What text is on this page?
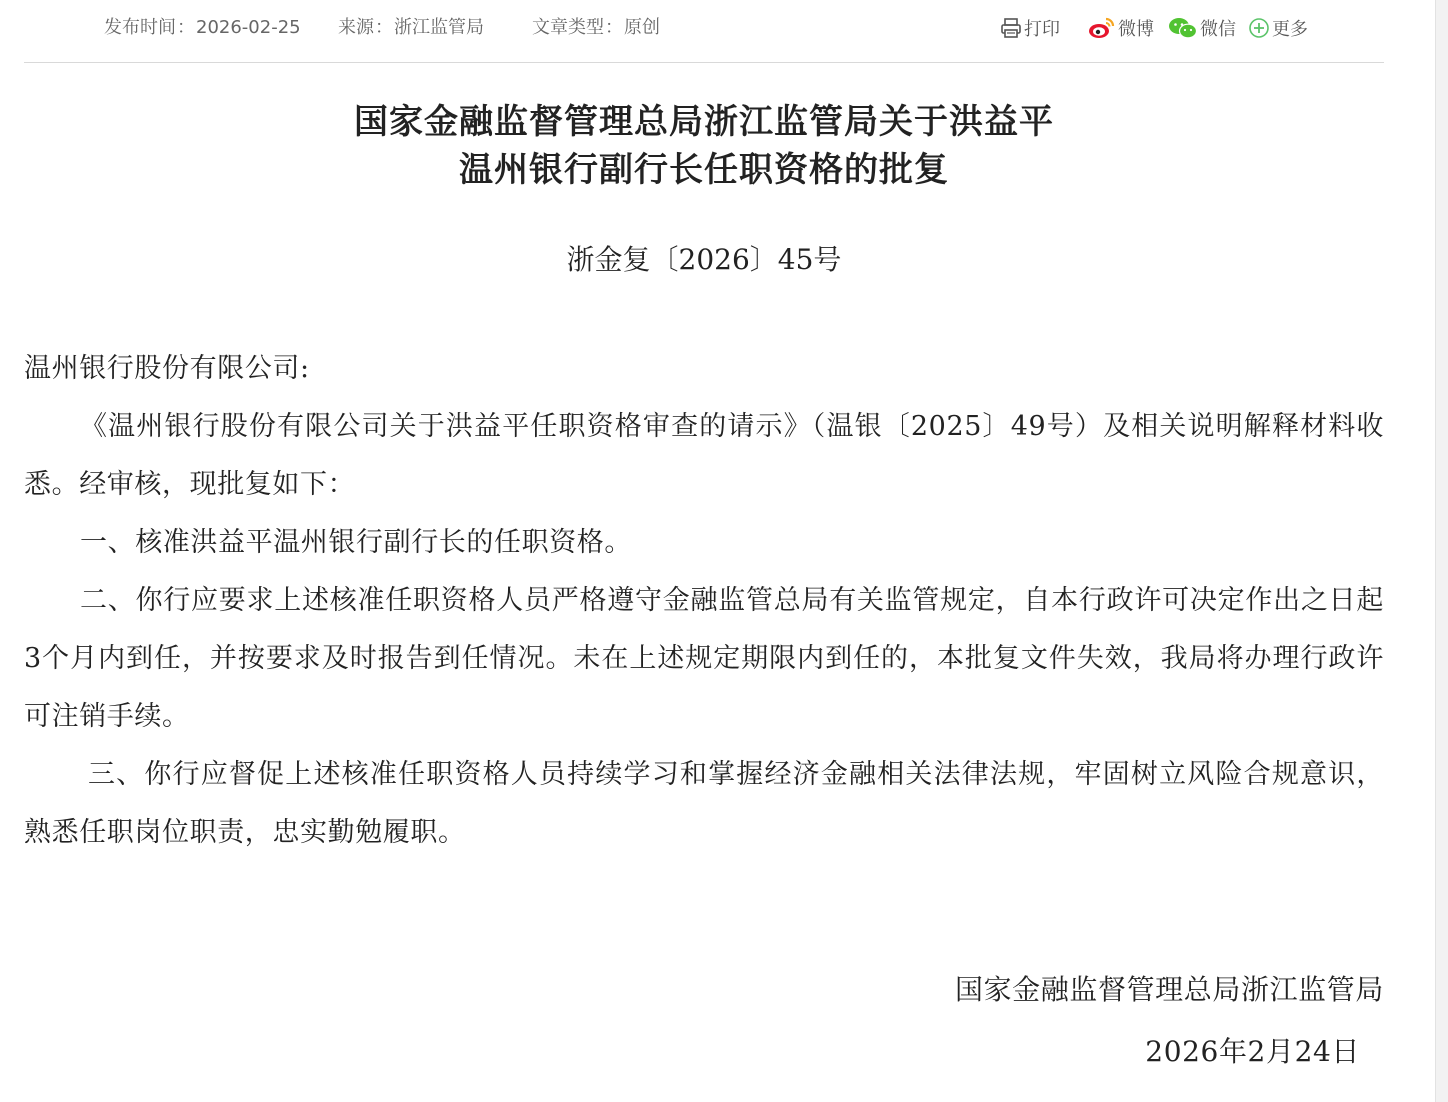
发布时间：2026-02-25 来源：浙江监管局	文章类型：原创	打印	微博	微信 更多
国家金融监督管理总局浙江监管局关于洪益平
温州银行副行长任职资格的批复
浙金复〔2026〕45号
温州银行股份有限公司:
《温州银行股份有限公司关于洪益平任职资格审查的请示》（温银〔2025〕49号）及相关说明解释材料收悉。经审核，现批复如下：
一、核准洪益平温州银行副行长的任职资格。
二、你行应要求上述核准任职资格人员严格遵守金融监管总局有关监管规定，自本行政许可决定作出之日起3个月内到任，并按要求及时报告到任情况。未在上述规定期限内到任的，本批复文件失效，我局将办理行政许可注销手续。
三、你行应督促上述核准任职资格人员持续学习和掌握经济金融相关法律法规，牢固树立风险合规意识，熟悉任职岗位职责，忠实勤勉履职。
国家金融监督管理总局浙江监管局
2026年2月24日
